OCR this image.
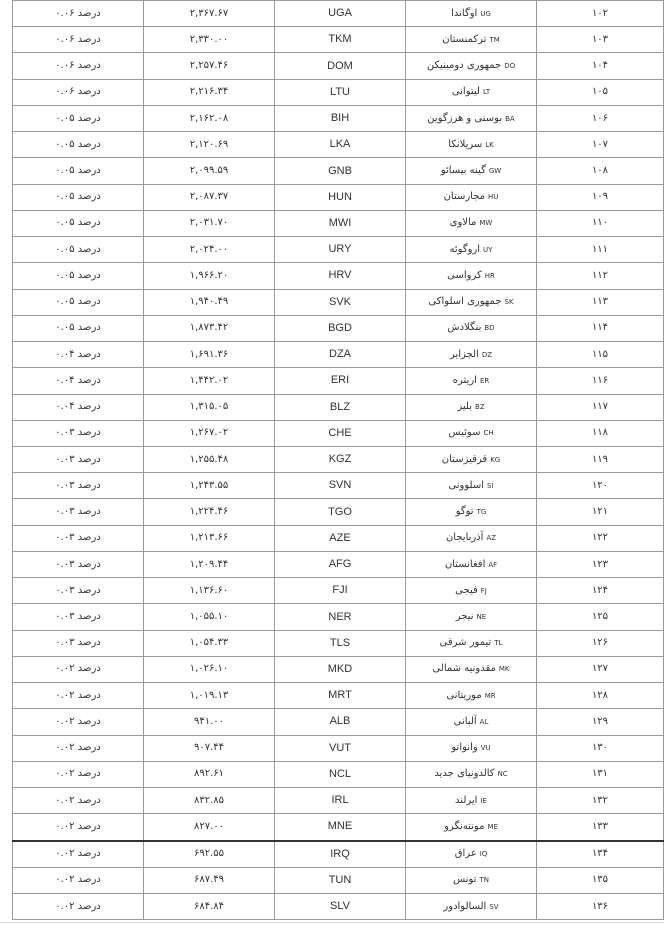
۰.۰۶ درصد	۲,۳۶۷.۶۷	UGA	UGاوگاندا	۱۰۲
۰.۰۶ درصد	۲,۳۳۰.۰۰	TKM	TMترکمنستان	۱۰۳
۰.۰۶ درصد	۲,۲۵۷.۴۶	DOM	DOجمهوری دومینیکن	۱۰۴
۰.۰۶ درصد	۲,۲۱۶.۳۴	LTU	LTلیتوانی	۱۰۵
۰.۰۵ درصد	۲,۱۶۲.۰۸	BIH	BAبوسنی و هرزگوین	۱۰۶
۰.۰۵ درصد	۲,۱۲۰.۶۹	LKA	LKسریلانکا	۱۰۷
۰.۰۵ درصد	۲,۰۹۹.۵۹	GNB	GWگینه بیسائو	۱۰۸
۰.۰۵ درصد	۲,۰۸۷.۳۷	HUN	HUمجارستان	۱۰۹
۰.۰۵ درصد	۲,۰۳۱.۷۰	MWI	MWمالاوی	۱۱۰
۰.۰۵ درصد	۲,۰۲۴.۰۰	URY	UYاروگوئه	۱۱۱
۰.۰۵ درصد	۱,۹۶۶.۲۰	HRV	HRکرواسی	۱۱۲
۰.۰۵ درصد	۱,۹۴۰.۴۹	SVK	SKجمهوری اسلواکی	۱۱۳
۰.۰۵ درصد	۱,۸۷۳.۴۲	BGD	BDبنگلادش	۱۱۴
۰.۰۴ درصد	۱,۶۹۱.۳۶	DZA	DZالجزایر	۱۱۵
۰.۰۴ درصد	۱,۴۴۲.۰۲	ERI	ERاریتره	۱۱۶
۰.۰۴ درصد	۱,۳۱۵.۰۵	BLZ	BZبلیز	۱۱۷
۰.۰۳ درصد	۱,۲۶۷.۰۲	CHE	CHسوئیس	۱۱۸
۰.۰۳ درصد	۱,۲۵۵.۴۸	KGZ	KGقرقیزستان	۱۱۹
۰.۰۳ درصد	۱,۲۴۳.۵۵	SVN	SIاسلوونی	۱۲۰
۰.۰۳ درصد	۱,۲۲۴.۴۶	TGO	TGتوگو	۱۲۱
۰.۰۳ درصد	۱,۲۱۳.۶۶	AZE	AZآذربایجان	۱۲۲
۰.۰۳ درصد	۱,۲۰۹.۴۴	AFG	AFافغانستان	۱۲۳
۰.۰۳ درصد	۱,۱۳۶.۶۰	FJI	FJفیجی	۱۲۴
۰.۰۳ درصد	۱,۰۵۵.۱۰	NER	NEنیجر	۱۲۵
۰.۰۳ درصد	۱,۰۵۴.۳۳	TLS	TLتیمور شرقی	۱۲۶
۰.۰۲ درصد	۱,۰۲۶.۱۰	MKD	MKمقدونیه شمالی	۱۲۷
۰.۰۲ درصد	۱,۰۱۹.۱۳	MRT	MRموریتانی	۱۲۸
۰.۰۲ درصد	۹۴۱.۰۰	ALB	ALآلبانی	۱۲۹
۰.۰۲ درصد	۹۰۷.۴۴	VUT	VUوانواتو	۱۳۰
۰.۰۲ درصد	۸۹۲.۶۱	NCL	NCکالدونیای جدید	۱۳۱
۰.۰۲ درصد	۸۳۲.۸۵	IRL	IEایرلند	۱۳۲
۰.۰۲ درصد	۸۲۷.۰۰	MNE	MEمونته‌نگرو	۱۳۳
۰.۰۲ درصد	۶۹۲.۵۵	IRQ	IQعراق	۱۳۴
۰.۰۲ درصد	۶۸۷.۴۹	TUN	TNتونس	۱۳۵
۰.۰۲ درصد	۶۸۴.۸۴	SLV	SVالسالوادور	۱۳۶
